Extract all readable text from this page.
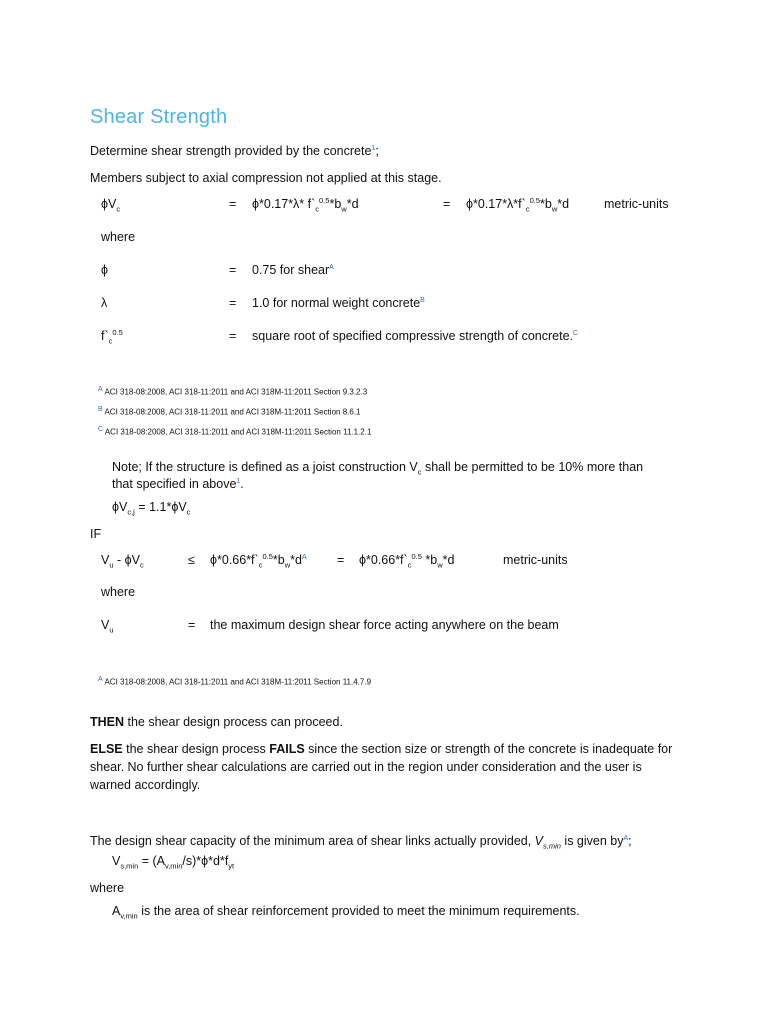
Shear Strength
Determine shear strength provided by the concrete$^1$;
Members subject to axial compression not applied at this stage.
$\phi V_c$	= ϕ*0.17*λ* $f`_c^{0.5}*b_w*d$	= $\phi*0.17*\lambda*f`_c^{0.5}*b_w*d$	metric-units
where
ϕ	= 0.75 for shear$^A$
λ	= 1.0 for normal weight concrete$^B$
$f`_c^{0.5}$	= square root of specified compressive strength of concrete.$^C$
A ACI 318-08:2008, ACI 318-11:2011 and ACI 318M-11:2011 Section 9.3.2.3
B ACI 318-08:2008, ACI 318-11:2011 and ACI 318M-11:2011 Section 8.6.1
C ACI 318-08:2008, ACI 318-11:2011 and ACI 318M-11:2011 Section 11.1.2.1
Note; If the structure is defined as a joist construction $V_c$ shall be permitted to be 10% more than
that specified in above$^1$.
$\phi V_{c,j} = 1.1*\phi V_c$
IF
$V_u - \phi V_c$	≤ $\phi*0.66*f`_c^{0.5}*b_w*d^A$ = $\phi*0.66*f`_c^{0.5}$ $*b_w*d$	metric-units
where
$V_u$	= the maximum design shear force acting anywhere on the beam
A ACI 318-08:2008, ACI 318-11:2011 and ACI 318M-11:2011 Section 11.4.7.9
THEN the shear design process can proceed.
ELSE the shear design process FAILS since the section size or strength of the concrete is inadequate for
shear. No further shear calculations are carried out in the region under consideration and the user is
warned accordingly.
The design shear capacity of the minimum area of shear links actually provided, $V_{s,min}$ is given by$^A$;
$V_{s,min} = (A_{v,min}/s)*\phi*d*f_{yt}$
where
$A_{v,min}$ is the area of shear reinforcement provided to meet the minimum requirements.
